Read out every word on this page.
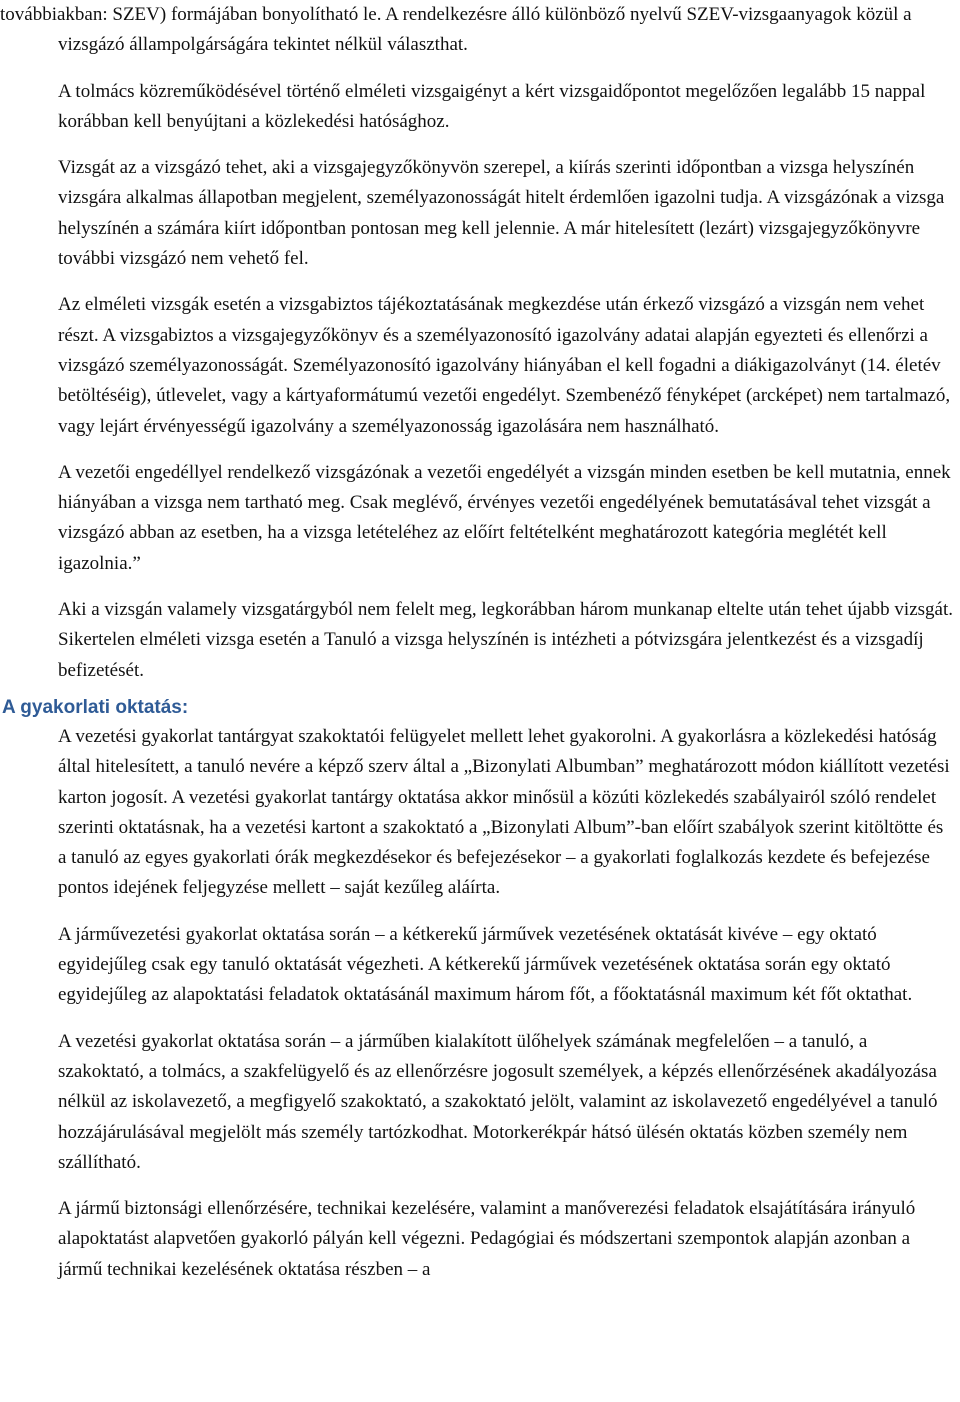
továbbiakban: SZEV) formájában bonyolítható le. A rendelkezésre álló különböző nyelvű SZEV-vizsgaanyagok közül a vizsgázó állampolgárságára tekintet nélkül választhat.

A tolmács közreműködésével történő elméleti vizsgaigényt a kért vizsgaidőpontot megelőzően legalább 15 nappal korábban kell benyújtani a közlekedési hatósághoz.

Vizsgát az a vizsgázó tehet, aki a vizsgajegyzőkönyvön szerepel, a kiírás szerinti időpontban a vizsga helyszínén vizsgára alkalmas állapotban megjelent, személyazonosságát hitelt érdemlően igazolni tudja. A vizsgázónak a vizsga helyszínén a számára kiírt időpontban pontosan meg kell jelennie. A már hitelesített (lezárt) vizsgajegyzőkönyvre további vizsgázó nem vehető fel.

Az elméleti vizsgák esetén a vizsgabiztos tájékoztatásának megkezdése után érkező vizsgázó a vizsgán nem vehet részt. A vizsgabiztos a vizsgajegyzőkönyv és a személyazonosító igazolvány adatai alapján egyezteti és ellenőrzi a vizsgázó személyazonosságát. Személyazonosító igazolvány hiányában el kell fogadni a diákigazolványt (14. életév betöltéséig), útlevelet, vagy a kártyaformátumú vezetői engedélyt. Szembenéző fényképet (arcképet) nem tartalmazó, vagy lejárt érvényességű igazolvány a személyazonosság igazolására nem használható.

A vezetői engedéllyel rendelkező vizsgázónak a vezetői engedélyét a vizsgán minden esetben be kell mutatnia, ennek hiányában a vizsga nem tartható meg. Csak meglévő, érvényes vezetői engedélyének bemutatásával tehet vizsgát a vizsgázó abban az esetben, ha a vizsga letételéhez az előírt feltételként meghatározott kategória meglétét kell igazolnia.”

Aki a vizsgán valamely vizsgatárgyból nem felelt meg, legkorábban három munkanap eltelte után tehet újabb vizsgát. Sikertelen elméleti vizsga esetén a Tanuló a vizsga helyszínén is intézheti a pótvizsgára jelentkezést és a vizsgadíj befizetését.

A gyakorlati oktatás:

A vezetési gyakorlat tantárgyat szakoktatói felügyelet mellett lehet gyakorolni. A gyakorlásra a közlekedési hatóság által hitelesített, a tanuló nevére a képző szerv által a „Bizonylati Albumban” meghatározott módon kiállított vezetési karton jogosít. A vezetési gyakorlat tantárgy oktatása akkor minősül a közúti közlekedés szabályairól szóló rendelet szerinti oktatásnak, ha a vezetési kartont a szakoktató a „Bizonylati Album”-ban előírt szabályok szerint kitöltötte és a tanuló az egyes gyakorlati órák megkezdésekor és befejezésekor – a gyakorlati foglalkozás kezdete és befejezése pontos idejének feljegyzése mellett – saját kezűleg aláírta.

A járművezetési gyakorlat oktatása során – a kétkerekű járművek vezetésének oktatását kivéve – egy oktató egyidejűleg csak egy tanuló oktatását végezheti. A kétkerekű járművek vezetésének oktatása során egy oktató egyidejűleg az alapoktatási feladatok oktatásánál maximum három főt, a főoktatásnál maximum két főt oktathat.

A vezetési gyakorlat oktatása során – a járműben kialakított ülőhelyek számának megfelelően – a tanuló, a szakoktató, a tolmács, a szakfelügyelő és az ellenőrzésre jogosult személyek, a képzés ellenőrzésének akadályozása nélkül az iskolavezető, a megfigyelő szakoktató, a szakoktató jelölt, valamint az iskolavezető engedélyével a tanuló hozzájárulásával megjelölt más személy tartózkodhat. Motorkerékpár hátsó ülésén oktatás közben személy nem szállítható.

A jármű biztonsági ellenőrzésére, technikai kezelésére, valamint a manőverezési feladatok elsajátítására irányuló alapoktatást alapvetően gyakorló pályán kell végezni. Pedagógiai és módszertani szempontok alapján azonban a jármű technikai kezelésének oktatása részben – a
